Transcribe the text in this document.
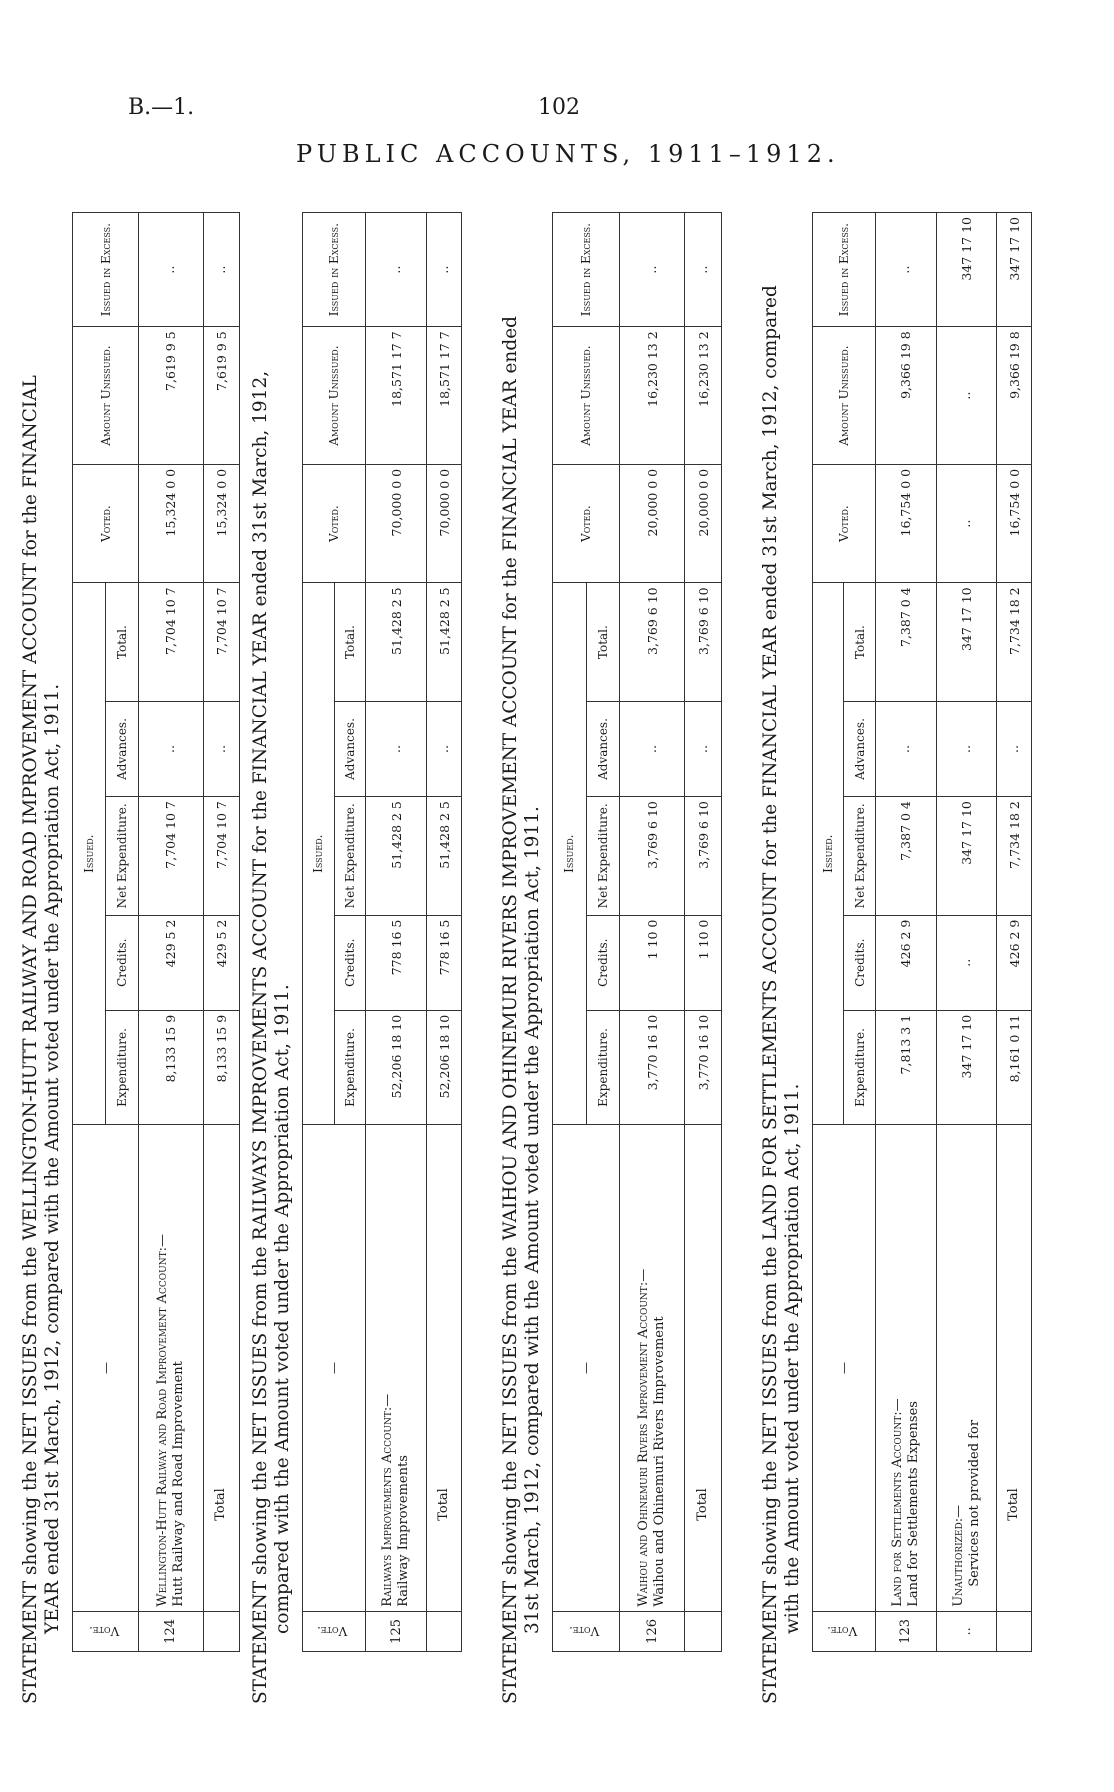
B.—1.	102
PUBLIC ACCOUNTS, 1911–1912.
STATEMENT showing the NET ISSUES from the WELLINGTON-HUTT RAILWAY AND ROAD IMPROVEMENT ACCOUNT for the FINANCIAL YEAR ended 31st March, 1912, compared with the Amount voted under the Appropriation Act, 1911. Vote.	—	Issued.					Voted.	Amount Unissued.	Issued in Excess.
		Expenditure.	Credits.	Net Expenditure.	Advances.	Total.			
124	Wellington-Hutt Railway and Road Improvement Account:— Hutt Railway and Road Improvement	8,133 15 9	429 5 2	7,704 10 7	..	7,704 10 7	15,324 0 0	7,619 9 5	..
	Total	8,133 15 9	429 5 2	7,704 10 7	..	7,704 10 7	15,324 0 0	7,619 9 5	..
STATEMENT showing the NET ISSUES from the RAILWAYS IMPROVEMENTS ACCOUNT for the FINANCIAL YEAR ended 31st March, 1912, compared with the Amount voted under the Appropriation Act, 1911. Vote.	—	Issued.					Voted.	Amount Unissued.	Issued in Excess.
		Expenditure.	Credits.	Net Expenditure.	Advances.	Total.			
125	Railways Improvements Account:— Railway Improvements	52,206 18 10	778 16 5	51,428 2 5	..	51,428 2 5	70,000 0 0	18,571 17 7	..
	Total	52,206 18 10	778 16 5	51,428 2 5	..	51,428 2 5	70,000 0 0	18,571 17 7	..
STATEMENT showing the NET ISSUES from the WAIHOU AND OHINEMURI RIVERS IMPROVEMENT ACCOUNT for the FINANCIAL YEAR ended 31st March, 1912, compared with the Amount voted under the Appropriation Act, 1911. Vote.	—	Issued.					Voted.	Amount Unissued.	Issued in Excess.
		Expenditure.	Credits.	Net Expenditure.	Advances.	Total.			
126	Waihou and Ohinemuri Rivers Improvement Account:— Waihou and Ohinemuri Rivers Improvement	3,770 16 10	1 10 0	3,769 6 10	..	3,769 6 10	20,000 0 0	16,230 13 2	..
	Total	3,770 16 10	1 10 0	3,769 6 10	..	3,769 6 10	20,000 0 0	16,230 13 2	..
STATEMENT showing the NET ISSUES from the LAND FOR SETTLEMENTS ACCOUNT for the FINANCIAL YEAR ended 31st March, 1912, compared with the Amount voted under the Appropriation Act, 1911. Vote.	—	Issued.					Voted.	Amount Unissued.	Issued in Excess.
		Expenditure.	Credits.	Net Expenditure.	Advances.	Total.			
123	Land for Settlements Account:— Land for Settlements Expenses	7,813 3 1	426 2 9	7,387 0 4	..	7,387 0 4	16,754 0 0	9,366 19 8	..
..	Unauthorized:— Services not provided for	347 17 10	..	347 17 10	..	347 17 10	..	..	347 17 10
	Total	8,161 0 11	426 2 9	7,734 18 2	..	7,734 18 2	16,754 0 0	9,366 19 8	347 17 10
